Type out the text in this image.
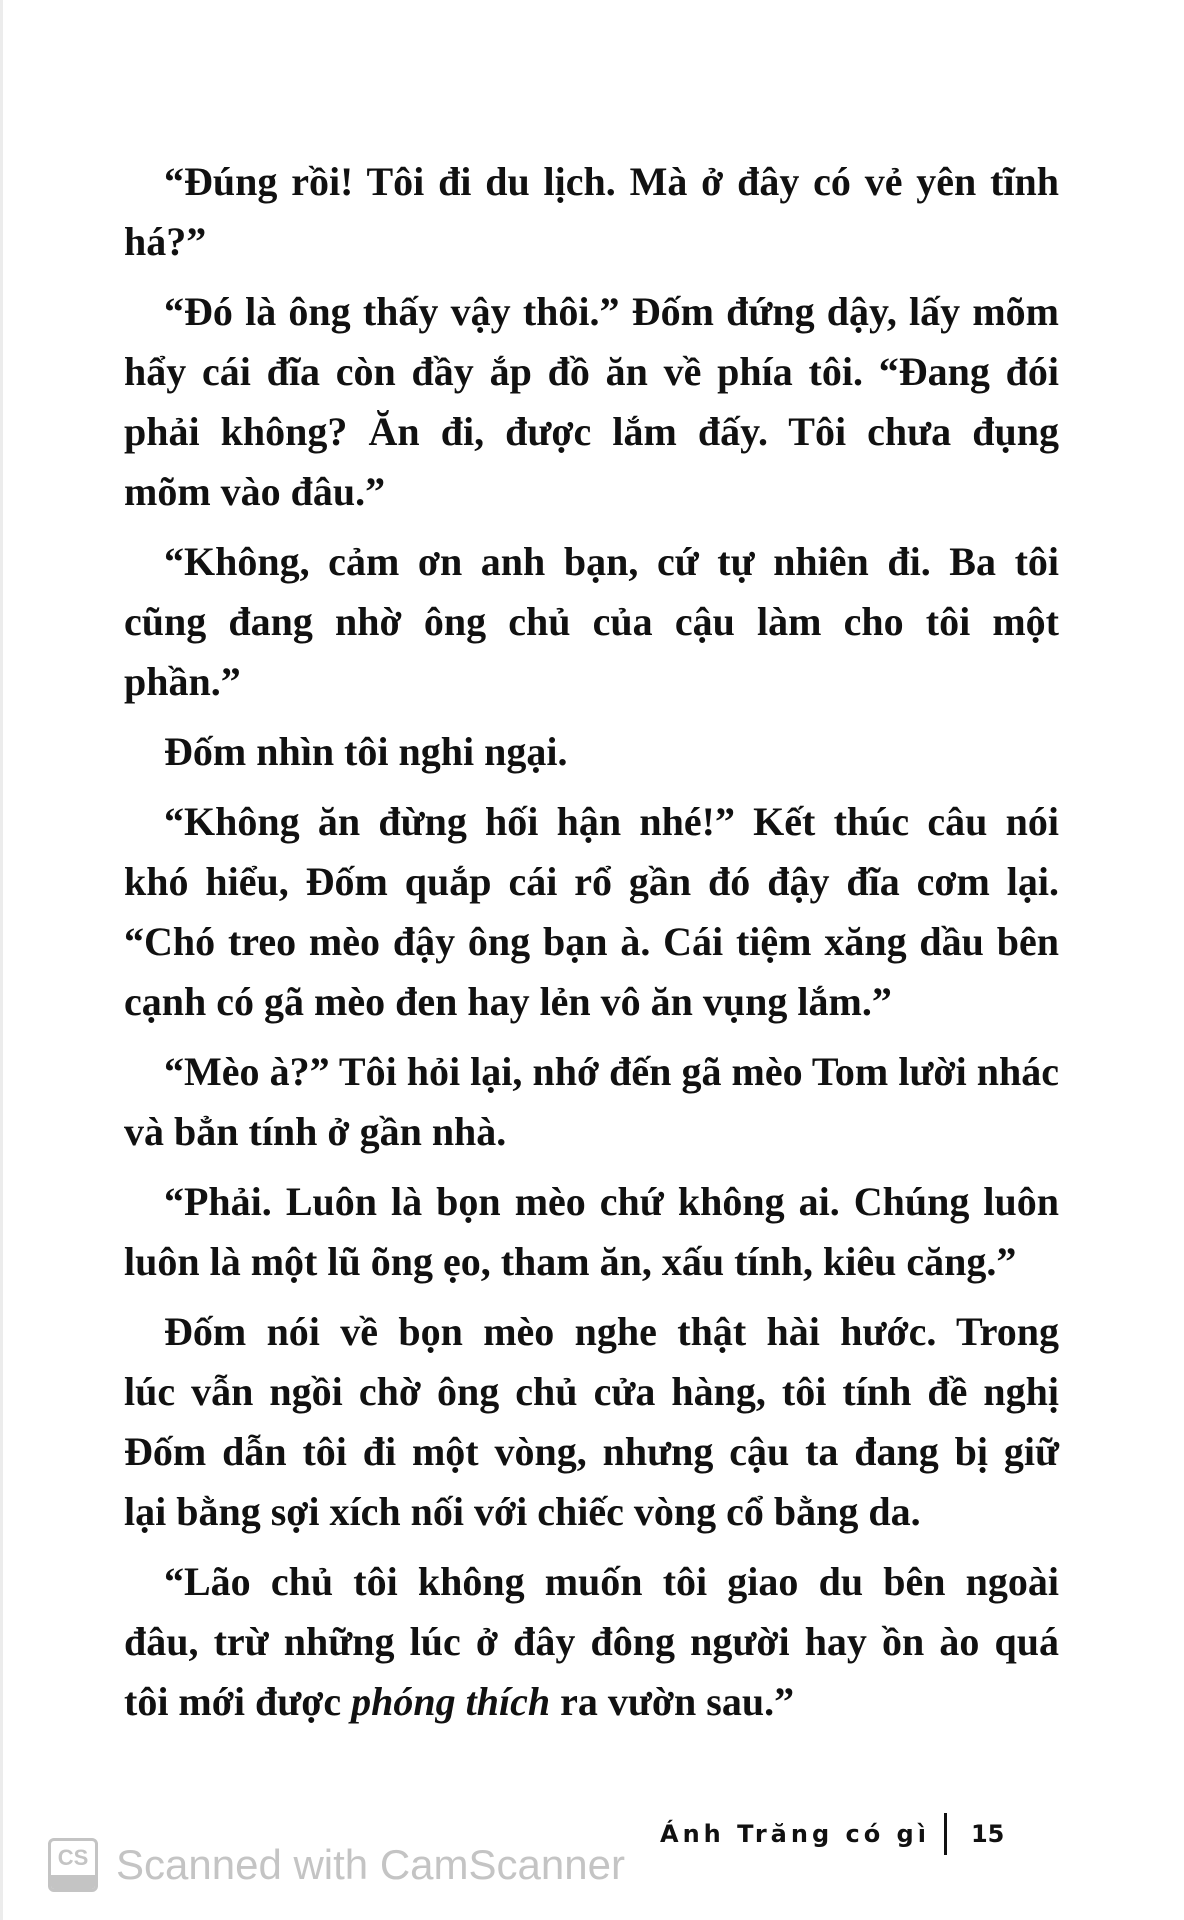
“Đúng rồi! Tôi đi du lịch. Mà ở đây có vẻ yên tĩnh
há?”
“Đó là ông thấy vậy thôi.” Đốm đứng dậy, lấy mõm
hẩy cái đĩa còn đầy ắp đồ ăn về phía tôi. “Đang đói
phải không? Ăn đi, được lắm đấy. Tôi chưa đụng
mõm vào đâu.”
“Không, cảm ơn anh bạn, cứ tự nhiên đi. Ba tôi
cũng đang nhờ ông chủ của cậu làm cho tôi một
phần.”
Đốm nhìn tôi nghi ngại.
“Không ăn đừng hối hận nhé!” Kết thúc câu nói
khó hiểu, Đốm quắp cái rổ gần đó đậy đĩa cơm lại.
“Chó treo mèo đậy ông bạn à. Cái tiệm xăng dầu bên
cạnh có gã mèo đen hay lẻn vô ăn vụng lắm.”
“Mèo à?” Tôi hỏi lại, nhớ đến gã mèo Tom lười nhác
và bẳn tính ở gần nhà.
“Phải. Luôn là bọn mèo chứ không ai. Chúng luôn
luôn là một lũ õng ẹo, tham ăn, xấu tính, kiêu căng.”
Đốm nói về bọn mèo nghe thật hài hước. Trong
lúc vẫn ngồi chờ ông chủ cửa hàng, tôi tính đề nghị
Đốm dẫn tôi đi một vòng, nhưng cậu ta đang bị giữ
lại bằng sợi xích nối với chiếc vòng cổ bằng da.
“Lão chủ tôi không muốn tôi giao du bên ngoài
đâu, trừ những lúc ở đây đông người hay ồn ào quá
tôi mới được phóng thích ra vườn sau.”
Ánh Trăng có gì 15
CS Scanned with CamScanner
